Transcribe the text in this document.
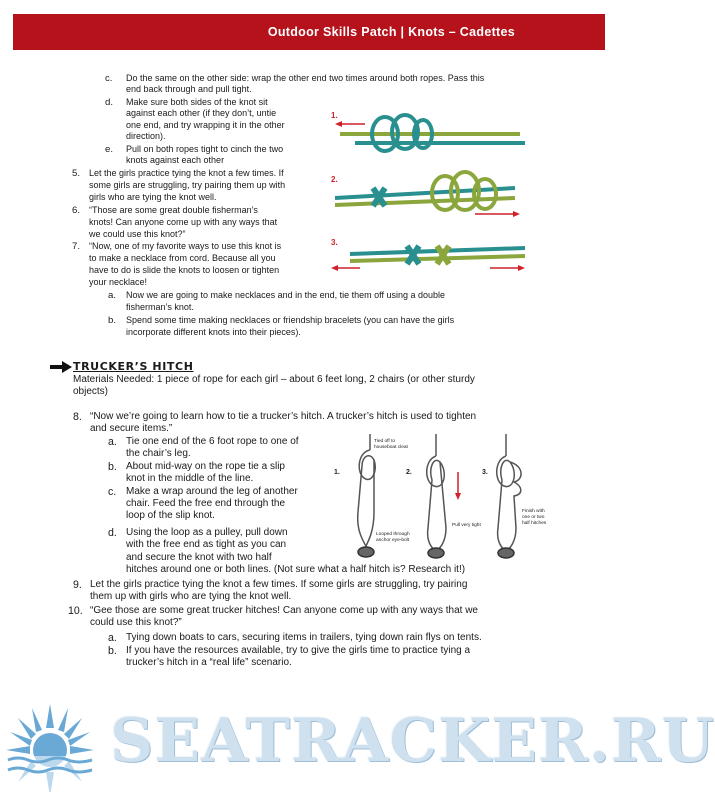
Outdoor Skills Patch | Knots – Cadettes
c. Do the same on the other side: wrap the other end two times around both ropes. Pass this
end back through and pull tight.
d. Make sure both sides of the knot sit
against each other (if they don’t, untie
one end, and try wrapping it in the other
direction).
e. Pull on both ropes tight to cinch the two
knots against each other
5. Let the girls practice tying the knot a few times. If
some girls are struggling, try pairing them up with
girls who are tying the knot well.
6. “Those are some great double fisherman’s
knots! Can anyone come up with any ways that
we could use this knot?”
7. “Now, one of my favorite ways to use this knot is
to make a necklace from cord. Because all you
have to do is slide the knots to loosen or tighten
your necklace!
a. Now we are going to make necklaces and in the end, tie them off using a double
fisherman’s knot.
b. Spend some time making necklaces or friendship bracelets (you can have the girls
incorporate different knots into their pieces).
1.
2.
3.
TRUCKER’S HITCH
Materials Needed: 1 piece of rope for each girl – about 6 feet long, 2 chairs (or other sturdy
objects)
8. “Now we’re going to learn how to tie a trucker’s hitch. A trucker’s hitch is used to tighten
and secure items.”
a. Tie one end of the 6 foot rope to one of
the chair’s leg.
b. About mid-way on the rope tie a slip
knot in the middle of the line.
c. Make a wrap around the leg of another
chair. Feed the free end through the
loop of the slip knot.
d. Using the loop as a pulley, pull down
with the free end as tight as you can
and secure the knot with two half
hitches around one or both lines. (Not sure what a half hitch is? Research it!)
9. Let the girls practice tying the knot a few times. If some girls are struggling, try pairing
them up with girls who are tying the knot well.
10. “Gee those are some great trucker hitches! Can anyone come up with any ways that we
could use this knot?”
a. Tying down boats to cars, securing items in trailers, tying down rain flys on tents.
b. If you have the resources available, try to give the girls time to practice tying a
trucker’s hitch in a “real life” scenario.
1.	2.	3.
Tied off to
houseboat cleat
Pull very tight
Finish with
one or two
half hitches
Looped through
anchor eye-bolt
SEATRACKER.RU
